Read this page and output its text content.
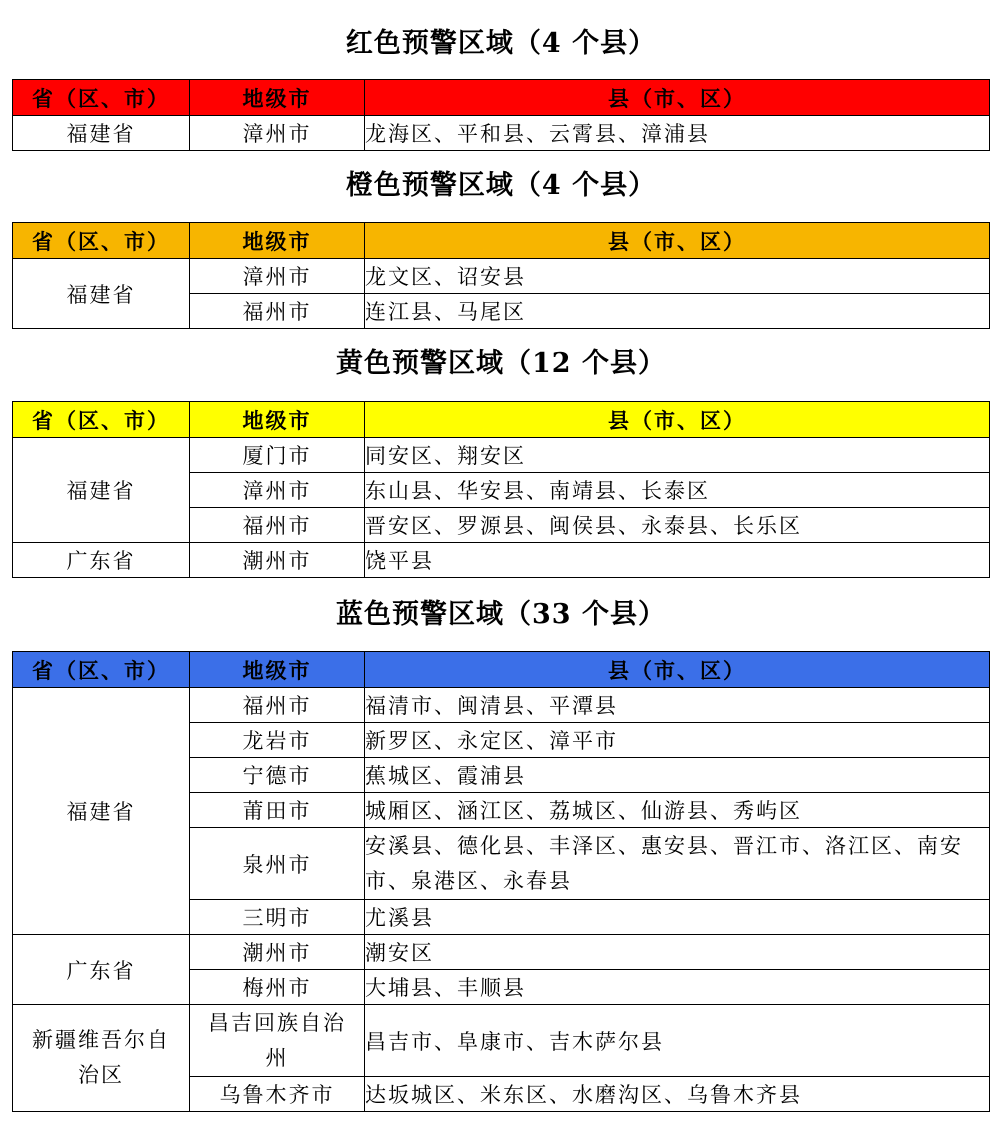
红色预警区域（4 个县）
省（区、市）	地级市	县（市、区）
福建省	漳州市	龙海区、平和县、云霄县、漳浦县
橙色预警区域（4 个县）
省（区、市）	地级市	县（市、区）
福建省	漳州市	龙文区、诏安县
	福州市	连江县、马尾区
黄色预警区域（12 个县）
省（区、市）	地级市	县（市、区）
福建省	厦门市	同安区、翔安区
	漳州市	东山县、华安县、南靖县、长泰区
	福州市	晋安区、罗源县、闽侯县、永泰县、长乐区
广东省	潮州市	饶平县
蓝色预警区域（33 个县）
省（区、市）	地级市	县（市、区）
福建省	福州市	福清市、闽清县、平潭县
	龙岩市	新罗区、永定区、漳平市
	宁德市	蕉城区、霞浦县
	莆田市	城厢区、涵江区、荔城区、仙游县、秀屿区
	泉州市	安溪县、德化县、丰泽区、惠安县、晋江市、洛江区、南安市、泉港区、永春县
	三明市	尤溪县
广东省	潮州市	潮安区
	梅州市	大埔县、丰顺县
新疆维吾尔自治区	昌吉回族自治州	昌吉市、阜康市、吉木萨尔县
	乌鲁木齐市	达坂城区、米东区、水磨沟区、乌鲁木齐县
